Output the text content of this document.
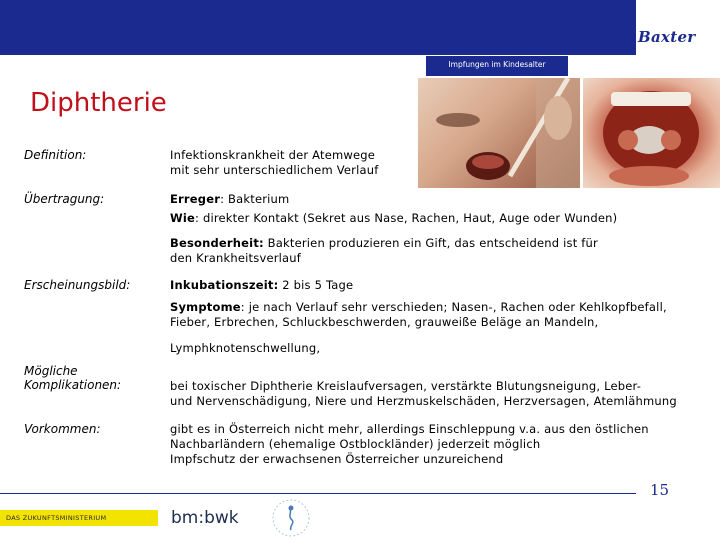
Baxter
Impfungen im Kindesalter
Diphtherie
Definition:	Infektionskrankheit der Atemwege
mit sehr unterschiedlichem Verlauf
Übertragung:	Erreger: Bakterium
Wie: direkter Kontakt (Sekret aus Nase, Rachen, Haut, Auge oder Wunden)
Besonderheit: Bakterien produzieren ein Gift, das entscheidend ist für
den Krankheitsverlauf
Erscheinungsbild:	Inkubationszeit: 2 bis 5 Tage
Symptome: je nach Verlauf sehr verschieden; Nasen-, Rachen oder Kehlkopfbefall,
Fieber, Erbrechen, Schluckbeschwerden, grauweiße Beläge an Mandeln,
Lymphknotenschwellung,
Mögliche
Komplikationen:	bei toxischer Diphtherie Kreislaufversagen, verstärkte Blutungsneigung, Leber-
und Nervenschädigung, Niere und Herzmuskelschäden, Herzversagen, Atemlähmung
Vorkommen:	gibt es in Österreich nicht mehr, allerdings Einschleppung v.a. aus den östlichen
Nachbarländern (ehemalige Ostblockländer) jederzeit möglich
Impfschutz der erwachsenen Österreicher unzureichend
15
DAS ZUKUNFTSMINISTERIUM	bm:bwk
